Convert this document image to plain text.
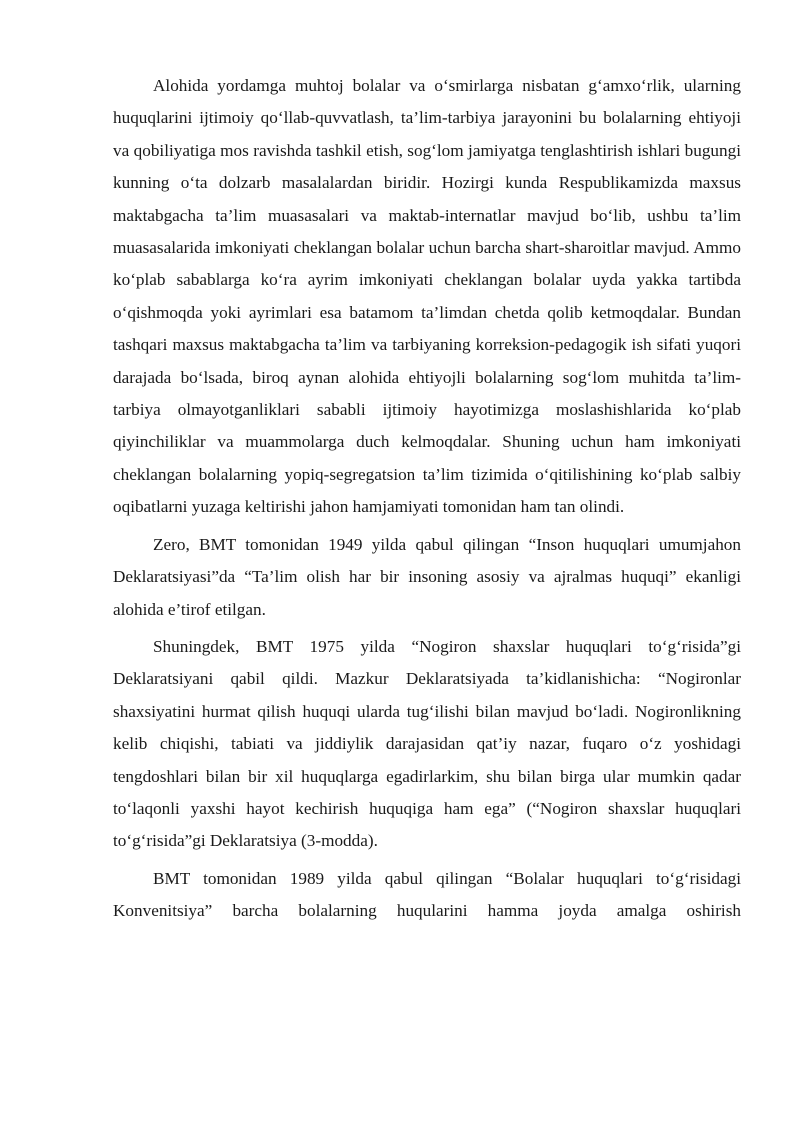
Alohida yordamga muhtoj bolalar va o‘smirlarga nisbatan g‘amxo‘rlik, ularning huquqlarini ijtimoiy qo‘llab-quvvatlash, ta’lim-tarbiya jarayonini bu bolalarning ehtiyoji va qobiliyatiga mos ravishda tashkil etish, sog‘lom jamiyatga tenglashtirish ishlari bugungi kunning o‘ta dolzarb masalalardan biridir. Hozirgi kunda Respublikamizda maxsus maktabgacha ta’lim muasasalari va maktab-internatlar mavjud bo‘lib, ushbu ta’lim muasasalarida imkoniyati cheklangan bolalar uchun barcha shart-sharoitlar mavjud. Ammo ko‘plab sabablarga ko‘ra ayrim imkoniyati cheklangan bolalar uyda yakka tartibda o‘qishmoqda yoki ayrimlari esa batamom ta’limdan chetda qolib ketmoqdalar. Bundan tashqari maxsus maktabgacha ta’lim va tarbiyaning korreksion-pedagogik ish sifati yuqori darajada bo‘lsada, biroq aynan alohida ehtiyojli bolalarning sog‘lom muhitda ta’lim-tarbiya olmayotganliklari sababli ijtimoiy hayotimizga moslashishlarida ko‘plab qiyinchiliklar va muammolarga duch kelmoqdalar. Shuning uchun ham imkoniyati cheklangan bolalarning yopiq-segregatsion ta’lim tizimida o‘qitilishining ko‘plab salbiy oqibatlarni yuzaga keltirishi jahon hamjamiyati tomonidan ham tan olindi.

Zero, BMT tomonidan 1949 yilda qabul qilingan “Inson huquqlari umumjahon Deklaratsiyasi”da “Ta’lim olish har bir insoning asosiy va ajralmas huquqi” ekanligi alohida e’tirof etilgan.

Shuningdek, BMT 1975 yilda “Nogiron shaxslar huquqlari to‘g‘risida”gi Deklaratsiyani qabil qildi. Mazkur Deklaratsiyada ta’kidlanishicha: “Nogironlar shaxsiyatini hurmat qilish huquqi ularda tug‘ilishi bilan mavjud bo‘ladi. Nogironlikning kelib chiqishi, tabiati va jiddiylik darajasidan qat’iy nazar, fuqaro o‘z yoshidagi tengdoshlari bilan bir xil huquqlarga egadirlarkim, shu bilan birga ular mumkin qadar to‘laqonli yaxshi hayot kechirish huquqiga ham ega” (“Nogiron shaxslar huquqlari to‘g‘risida”gi Deklaratsiya (3-modda).

BMT tomonidan 1989 yilda qabul qilingan “Bolalar huquqlari to‘g‘risidagi Konvenitsiya” barcha bolalarning huqularini hamma joyda amalga oshirish
